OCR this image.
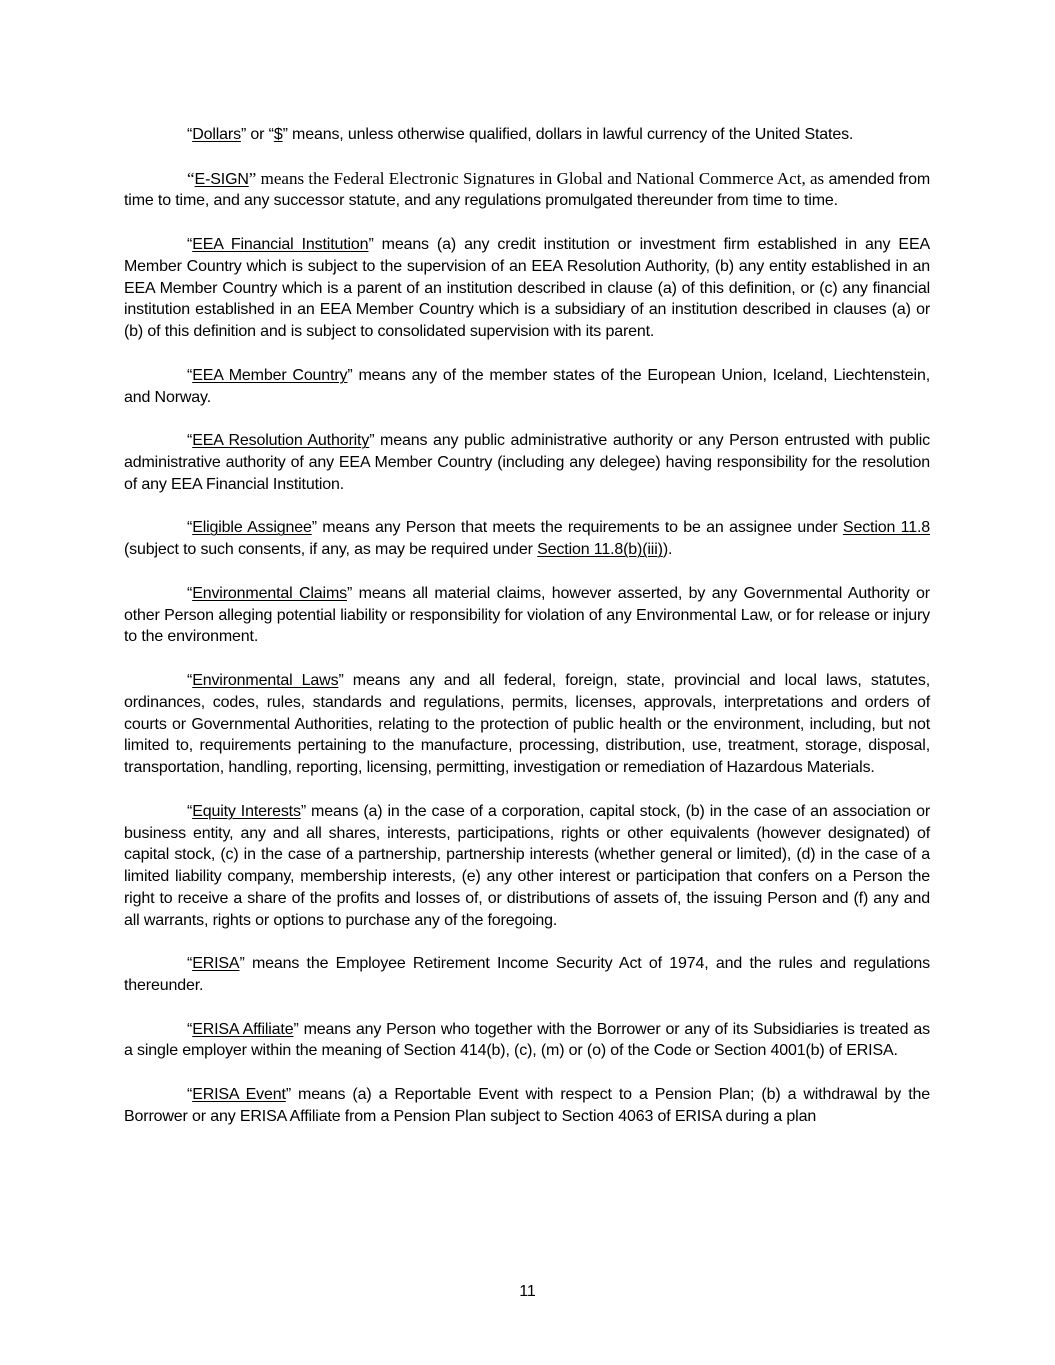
“Dollars” or “$” means, unless otherwise qualified, dollars in lawful currency of the United States.

“E-SIGN” means the Federal Electronic Signatures in Global and National Commerce Act, as amended from time to time, and any successor statute, and any regulations promulgated thereunder from time to time.

“EEA Financial Institution” means (a) any credit institution or investment firm established in any EEA Member Country which is subject to the supervision of an EEA Resolution Authority, (b) any entity established in an EEA Member Country which is a parent of an institution described in clause (a) of this definition, or (c) any financial institution established in an EEA Member Country which is a subsidiary of an institution described in clauses (a) or (b) of this definition and is subject to consolidated supervision with its parent.

“EEA Member Country” means any of the member states of the European Union, Iceland, Liechtenstein, and Norway.

“EEA Resolution Authority” means any public administrative authority or any Person entrusted with public administrative authority of any EEA Member Country (including any delegee) having responsibility for the resolution of any EEA Financial Institution.

“Eligible Assignee” means any Person that meets the requirements to be an assignee under Section 11.8 (subject to such consents, if any, as may be required under Section 11.8(b)(iii)).

“Environmental Claims” means all material claims, however asserted, by any Governmental Authority or other Person alleging potential liability or responsibility for violation of any Environmental Law, or for release or injury to the environment.

“Environmental Laws” means any and all federal, foreign, state, provincial and local laws, statutes, ordinances, codes, rules, standards and regulations, permits, licenses, approvals, interpretations and orders of courts or Governmental Authorities, relating to the protection of public health or the environment, including, but not limited to, requirements pertaining to the manufacture, processing, distribution, use, treatment, storage, disposal, transportation, handling, reporting, licensing, permitting, investigation or remediation of Hazardous Materials.

“Equity Interests” means (a) in the case of a corporation, capital stock, (b) in the case of an association or business entity, any and all shares, interests, participations, rights or other equivalents (however designated) of capital stock, (c) in the case of a partnership, partnership interests (whether general or limited), (d) in the case of a limited liability company, membership interests, (e) any other interest or participation that confers on a Person the right to receive a share of the profits and losses of, or distributions of assets of, the issuing Person and (f) any and all warrants, rights or options to purchase any of the foregoing.

“ERISA” means the Employee Retirement Income Security Act of 1974, and the rules and regulations thereunder.

“ERISA Affiliate” means any Person who together with the Borrower or any of its Subsidiaries is treated as a single employer within the meaning of Section 414(b), (c), (m) or (o) of the Code or Section 4001(b) of ERISA.

“ERISA Event” means (a) a Reportable Event with respect to a Pension Plan; (b) a withdrawal by the Borrower or any ERISA Affiliate from a Pension Plan subject to Section 4063 of ERISA during a plan

11
